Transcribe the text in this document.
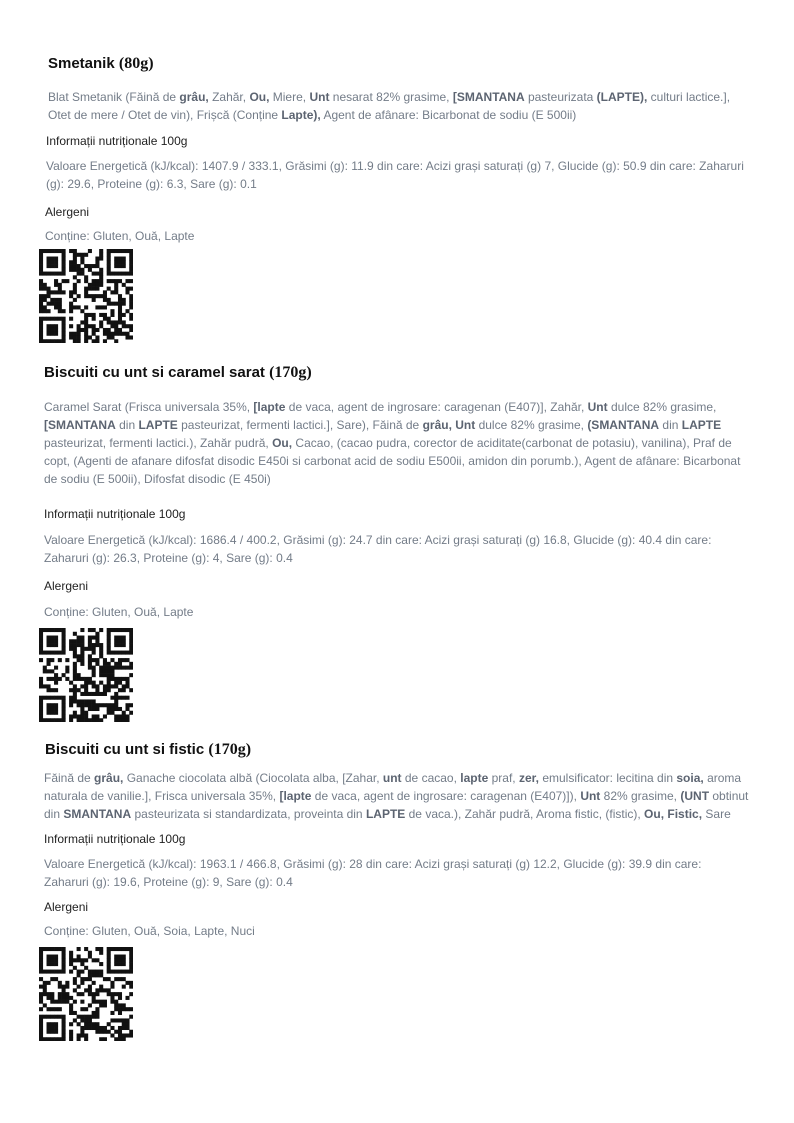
Smetanik (80g)
Blat Smetanik (Făină de grâu, Zahăr, Ou, Miere, Unt nesarat 82% grasime, [SMANTANA pasteurizata (LAPTE), culturi lactice.], Otet de mere / Otet de vin), Frișcă (Conține Lapte), Agent de afânare: Bicarbonat de sodiu (E 500ii)
Informații nutriționale 100g
Valoare Energetică (kJ/kcal): 1407.9 / 333.1, Grăsimi (g): 11.9 din care: Acizi grași saturați (g) 7, Glucide (g): 50.9 din care: Zaharuri (g): 29.6, Proteine (g): 6.3, Sare (g): 0.1
Alergeni
Conține: Gluten, Ouă, Lapte
Biscuiti cu unt si caramel sarat (170g)
Caramel Sarat (Frisca universala 35%, [lapte de vaca, agent de ingrosare: caragenan (E407)], Zahăr, Unt dulce 82% grasime, [SMANTANA din LAPTE pasteurizat, fermenti lactici.], Sare), Făină de grâu, Unt dulce 82% grasime, (SMANTANA din LAPTE pasteurizat, fermenti lactici.), Zahăr pudră, Ou, Cacao, (cacao pudra, corector de aciditate(carbonat de potasiu), vanilina), Praf de copt, (Agenti de afanare difosfat disodic E450i si carbonat acid de sodiu E500ii, amidon din porumb.), Agent de afânare: Bicarbonat de sodiu (E 500ii), Difosfat disodic (E 450i)
Informații nutriționale 100g
Valoare Energetică (kJ/kcal): 1686.4 / 400.2, Grăsimi (g): 24.7 din care: Acizi grași saturați (g) 16.8, Glucide (g): 40.4 din care: Zaharuri (g): 26.3, Proteine (g): 4, Sare (g): 0.4
Alergeni
Conține: Gluten, Ouă, Lapte
Biscuiti cu unt si fistic (170g)
Făină de grâu, Ganache ciocolata albă (Ciocolata alba, [Zahar, unt de cacao, lapte praf, zer, emulsificator: lecitina din soia, aroma naturala de vanilie.], Frisca universala 35%, [lapte de vaca, agent de ingrosare: caragenan (E407)]), Unt 82% grasime, (UNT obtinut din SMANTANA pasteurizata si standardizata, proveinta din LAPTE de vaca.), Zahăr pudră, Aroma fistic, (fistic), Ou, Fistic, Sare
Informații nutriționale 100g
Valoare Energetică (kJ/kcal): 1963.1 / 466.8, Grăsimi (g): 28 din care: Acizi grași saturați (g) 12.2, Glucide (g): 39.9 din care: Zaharuri (g): 19.6, Proteine (g): 9, Sare (g): 0.4
Alergeni
Conține: Gluten, Ouă, Soia, Lapte, Nuci
